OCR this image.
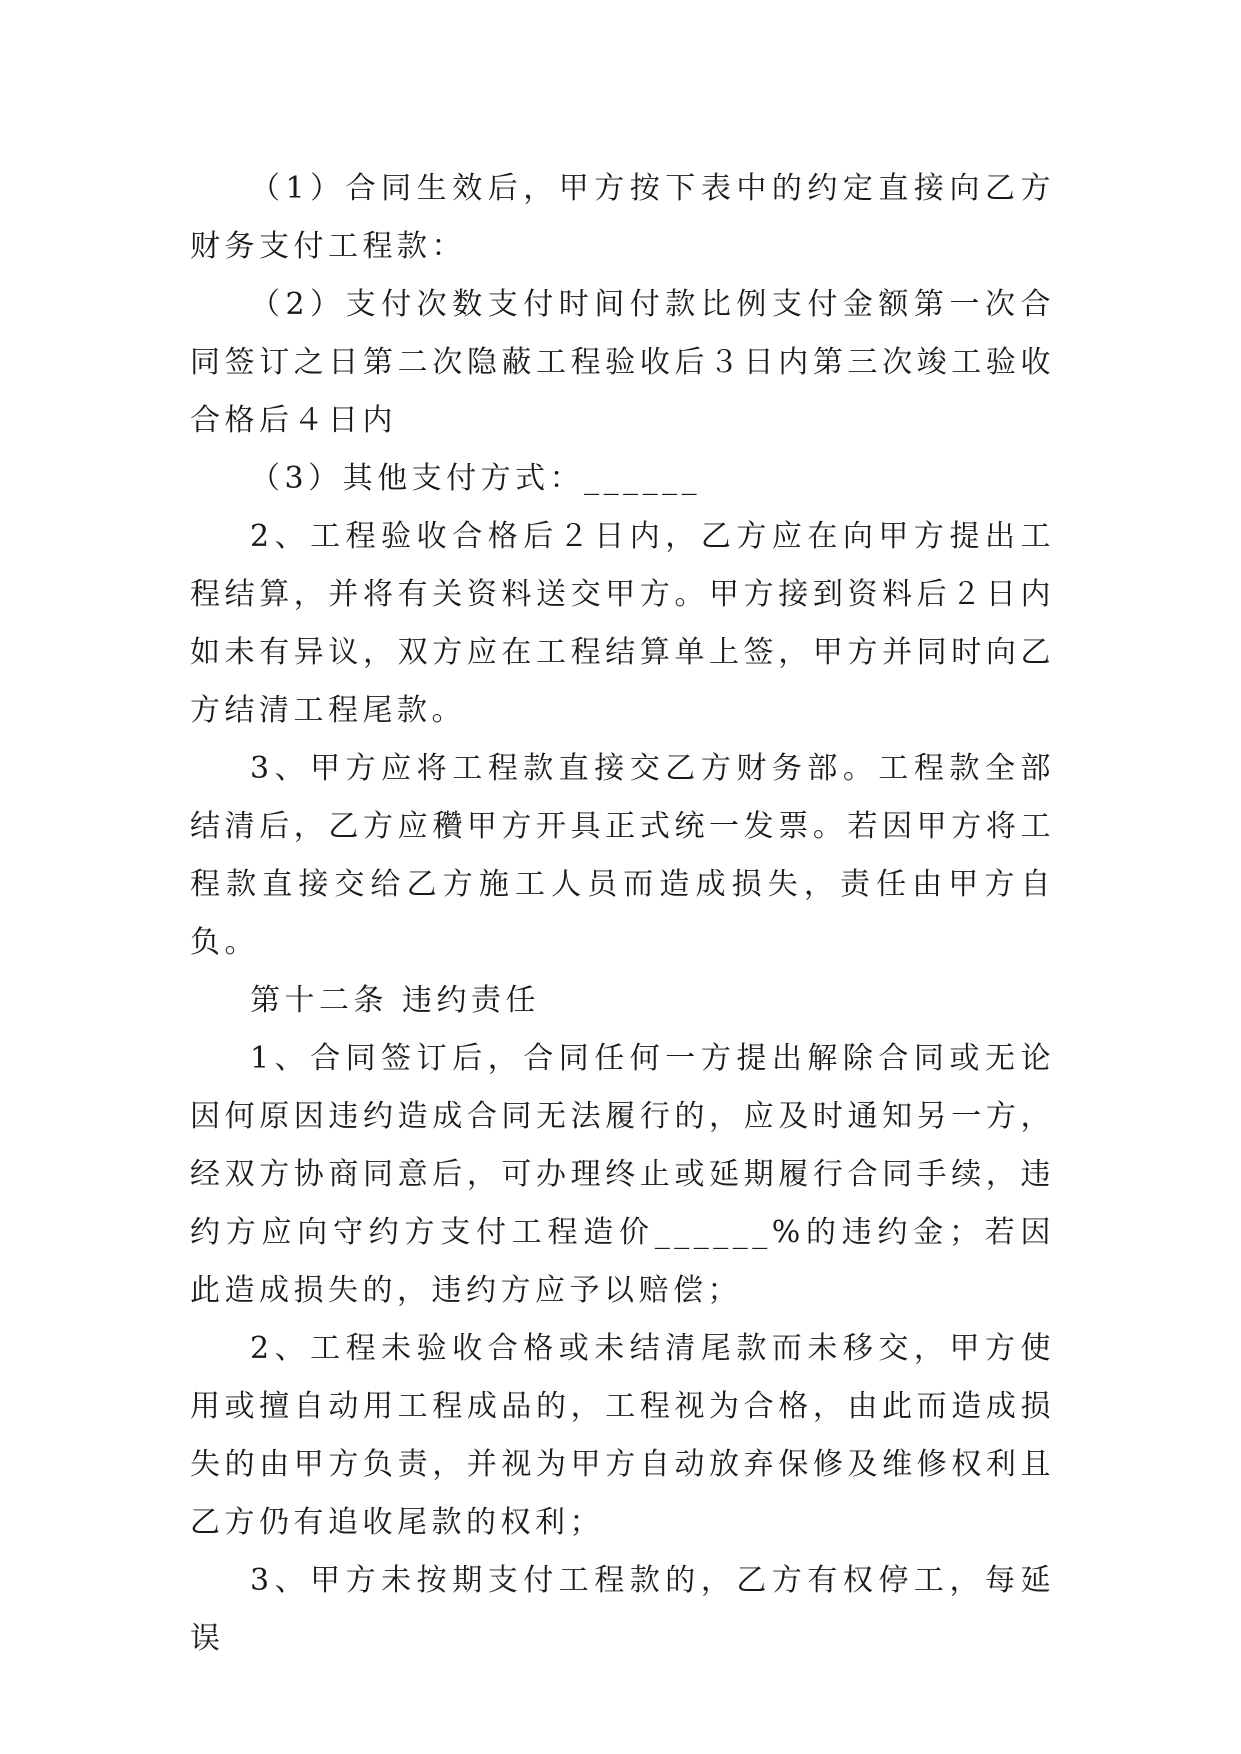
（1）合同生效后，甲方按下表中的约定直接向乙方财务支付工程款：

（2）支付次数支付时间付款比例支付金额第一次合同签订之日第二次隐蔽工程验收后３日内第三次竣工验收合格后４日内

（3）其他支付方式：______

2、工程验收合格后２日内，乙方应在向甲方提出工程结算，并将有关资料送交甲方。甲方接到资料后２日内如未有异议，双方应在工程结算单上签，甲方并同时向乙方结清工程尾款。

3、甲方应将工程款直接交乙方财务部。工程款全部结清后，乙方应穳甲方开具正式统一发票。若因甲方将工程款直接交给乙方施工人员而造成损失，责任由甲方自负。

第十二条 违约责任

1、合同签订后，合同任何一方提出解除合同或无论因何原因违约造成合同无法履行的，应及时通知另一方，经双方协商同意后，可办理终止或延期履行合同手续，违约方应向守约方支付工程造价______%的违约金；若因此造成损失的，违约方应予以赔偿；

2、工程未验收合格或未结清尾款而未移交，甲方使用或擅自动用工程成品的，工程视为合格，由此而造成损失的由甲方负责，并视为甲方自动放弃保修及维修权利且乙方仍有追收尾款的权利；

3、甲方未按期支付工程款的，乙方有权停工，每延误
